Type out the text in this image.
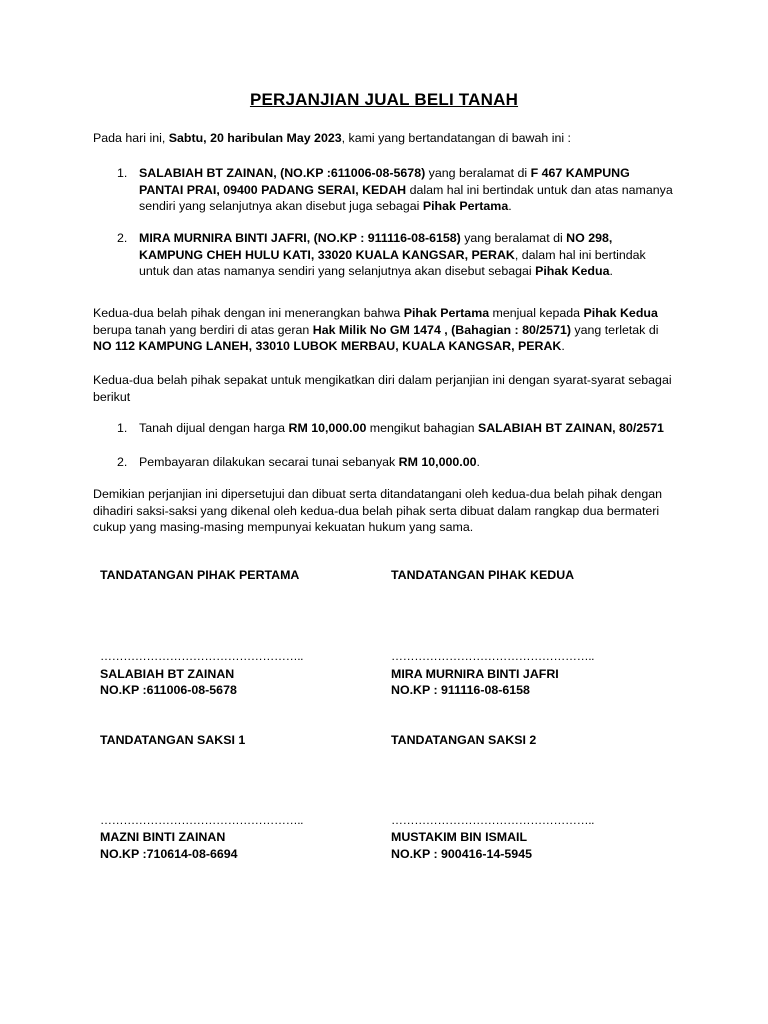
PERJANJIAN JUAL BELI TANAH
Pada hari ini, Sabtu, 20 haribulan May 2023, kami yang bertandatangan di bawah ini :
1. SALABIAH BT ZAINAN, (NO.KP :611006-08-5678) yang beralamat di F 467 KAMPUNG PANTAI PRAI, 09400 PADANG SERAI, KEDAH dalam hal ini bertindak untuk dan atas namanya sendiri yang selanjutnya akan disebut juga sebagai Pihak Pertama.
2. MIRA MURNIRA BINTI JAFRI, (NO.KP : 911116-08-6158) yang beralamat di NO 298, KAMPUNG CHEH HULU KATI, 33020 KUALA KANGSAR, PERAK, dalam hal ini bertindak untuk dan atas namanya sendiri yang selanjutnya akan disebut sebagai Pihak Kedua.
Kedua-dua belah pihak dengan ini menerangkan bahwa Pihak Pertama menjual kepada Pihak Kedua berupa tanah yang berdiri di atas geran Hak Milik No GM 1474 , (Bahagian : 80/2571) yang terletak di NO 112 KAMPUNG LANEH, 33010 LUBOK MERBAU, KUALA KANGSAR, PERAK.
Kedua-dua belah pihak sepakat untuk mengikatkan diri dalam perjanjian ini dengan syarat-syarat sebagai berikut
1. Tanah dijual dengan harga RM 10,000.00 mengikut bahagian SALABIAH BT ZAINAN, 80/2571
2. Pembayaran dilakukan secarai tunai sebanyak RM 10,000.00.
Demikian perjanjian ini dipersetujui dan dibuat serta ditandatangani oleh kedua-dua belah pihak dengan dihadiri saksi-saksi yang dikenal oleh kedua-dua belah pihak serta dibuat dalam rangkap dua bermateri cukup yang masing-masing mempunyai kekuatan hukum yang sama.
TANDATANGAN PIHAK PERTAMA	TANDATANGAN PIHAK KEDUA
……………………………………………..	……………………………………………..
SALABIAH BT ZAINAN	MIRA MURNIRA BINTI JAFRI
NO.KP :611006-08-5678	NO.KP : 911116-08-6158
TANDATANGAN SAKSI 1	TANDATANGAN SAKSI 2
……………………………………………..	……………………………………………..
MAZNI BINTI ZAINAN	MUSTAKIM BIN ISMAIL
NO.KP :710614-08-6694	NO.KP : 900416-14-5945
